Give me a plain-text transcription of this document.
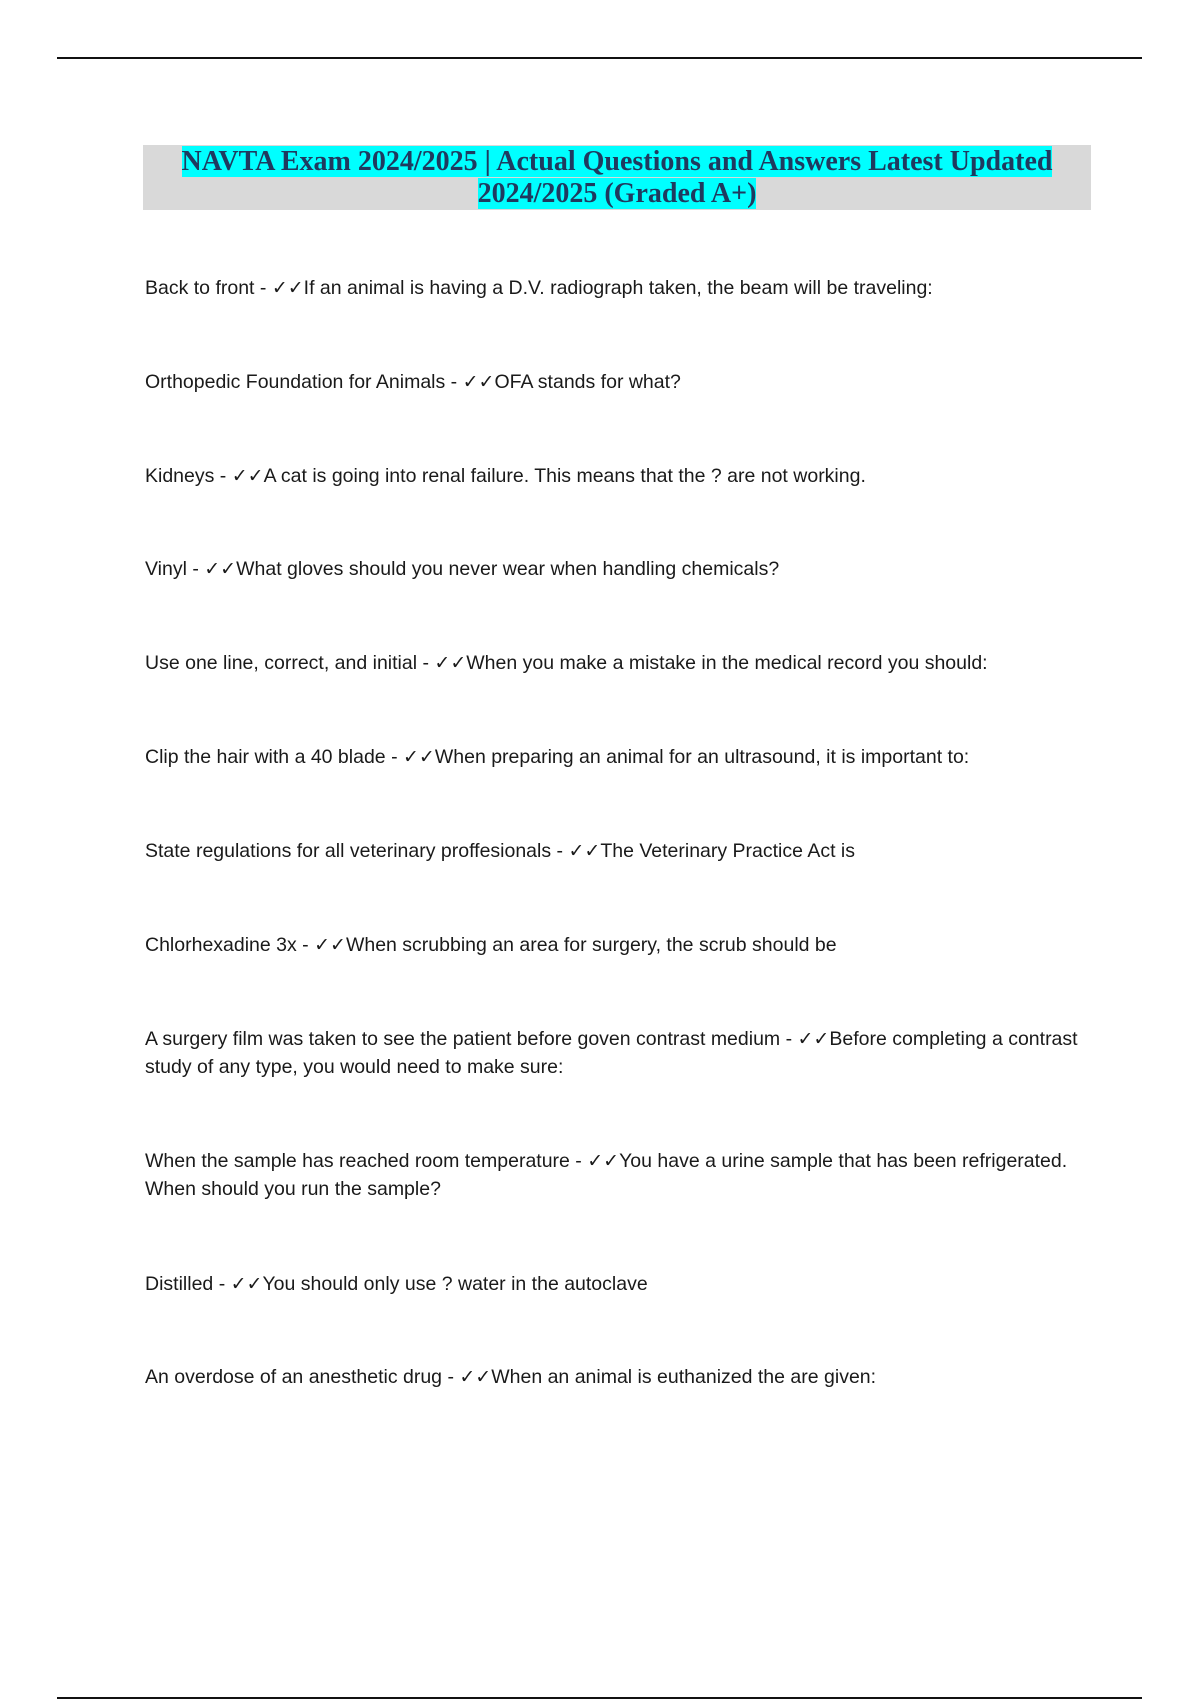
NAVTA Exam 2024/2025 | Actual Questions and Answers Latest Updated
2024/2025 (Graded A+)
Back to front - ✓✓If an animal is having a D.V. radiograph taken, the beam will be traveling:
Orthopedic Foundation for Animals - ✓✓OFA stands for what?
Kidneys - ✓✓A cat is going into renal failure. This means that the ? are not working.
Vinyl - ✓✓What gloves should you never wear when handling chemicals?
Use one line, correct, and initial - ✓✓When you make a mistake in the medical record you should:
Clip the hair with a 40 blade - ✓✓When preparing an animal for an ultrasound, it is important to:
State regulations for all veterinary proffesionals - ✓✓The Veterinary Practice Act is
Chlorhexadine 3x - ✓✓When scrubbing an area for surgery, the scrub should be
A surgery film was taken to see the patient before goven contrast medium - ✓✓Before completing a contrast study of any type, you would need to make sure:
When the sample has reached room temperature - ✓✓You have a urine sample that has been refrigerated. When should you run the sample?
Distilled - ✓✓You should only use ? water in the autoclave
An overdose of an anesthetic drug - ✓✓When an animal is euthanized the are given:
